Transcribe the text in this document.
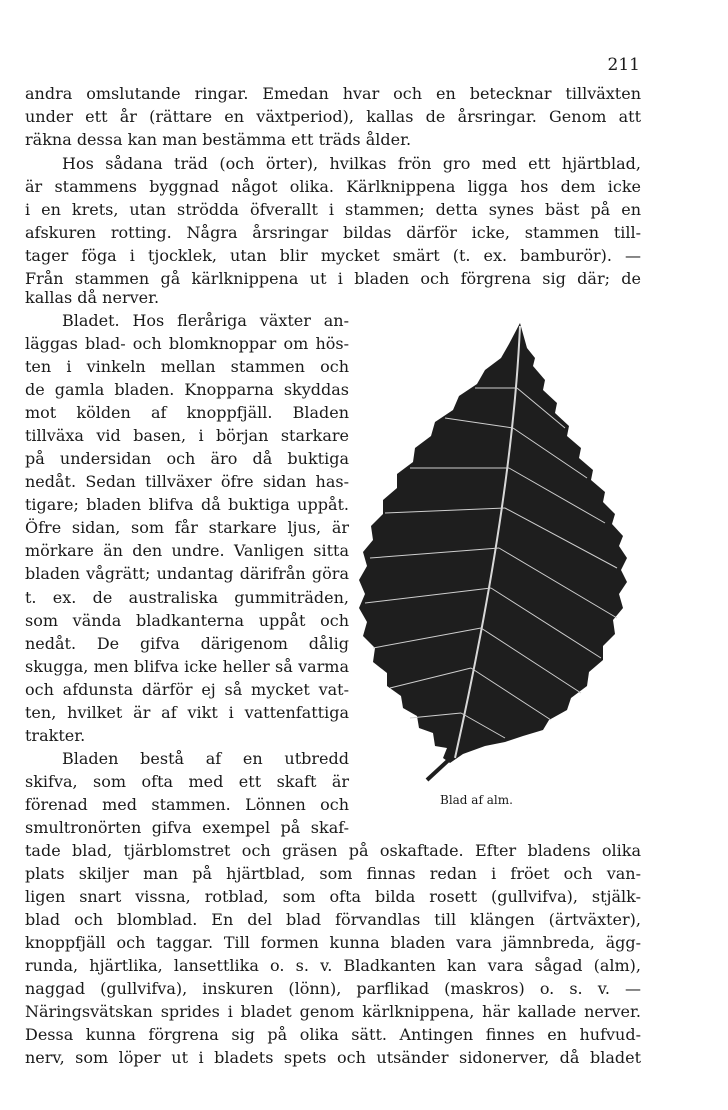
211
andra omslutande ringar. Emedan hvar och en betecknar tillväxten
under ett år (rättare en växtperiod), kallas de årsringar. Genom att
räkna dessa kan man bestämma ett träds ålder.
Hos sådana träd (och örter), hvilkas frön gro med ett hjärtblad,
är stammens byggnad något olika. Kärlknippena ligga hos dem icke
i en krets, utan strödda öfverallt i stammen; detta synes bäst på en
afskuren rotting. Några årsringar bildas därför icke, stammen till-
tager föga i tjocklek, utan blir mycket smärt (t. ex. bamburör). —
Från stammen gå kärlknippena ut i bladen och förgrena sig där; de
kallas då nerver.
Bladet. Hos fleråriga växter an-
läggas blad- och blomknoppar om hös-
ten i vinkeln mellan stammen och
de gamla bladen. Knopparna skyddas
mot kölden af knoppfjäll. Bladen
tillväxa vid basen, i början starkare
på undersidan och äro då buktiga
nedåt. Sedan tillväxer öfre sidan has-
tigare; bladen blifva då buktiga uppåt.
Öfre sidan, som får starkare ljus, är
mörkare än den undre. Vanligen sitta
bladen vågrätt; undantag därifrån göra
t. ex. de australiska gummiträden,
som vända bladkanterna uppåt och
nedåt. De gifva därigenom dålig
skugga, men blifva icke heller så varma
och afdunsta därför ej så mycket vat-
ten, hvilket är af vikt i vattenfattiga
trakter.
Bladen bestå af en utbredd
skifva, som ofta med ett skaft är
förenad med stammen. Lönnen och
smultronörten gifva exempel på skaf-
tade blad, tjärblomstret och gräsen på oskaftade. Efter bladens olika
plats skiljer man på hjärtblad, som finnas redan i fröet och van-
ligen snart vissna, rotblad, som ofta bilda rosett (gullvifva), stjälk-
blad och blomblad. En del blad förvandlas till klängen (ärtväxter),
knoppfjäll och taggar. Till formen kunna bladen vara jämnbreda, ägg-
runda, hjärtlika, lansettlika o. s. v. Bladkanten kan vara sågad (alm),
naggad (gullvifva), inskuren (lönn), parflikad (maskros) o. s. v. —
Näringsvätskan sprides i bladet genom kärlknippena, här kallade nerver.
Dessa kunna förgrena sig på olika sätt. Antingen finnes en hufvud-
nerv, som löper ut i bladets spets och utsänder sidonerver, då bladet
Blad af alm.
